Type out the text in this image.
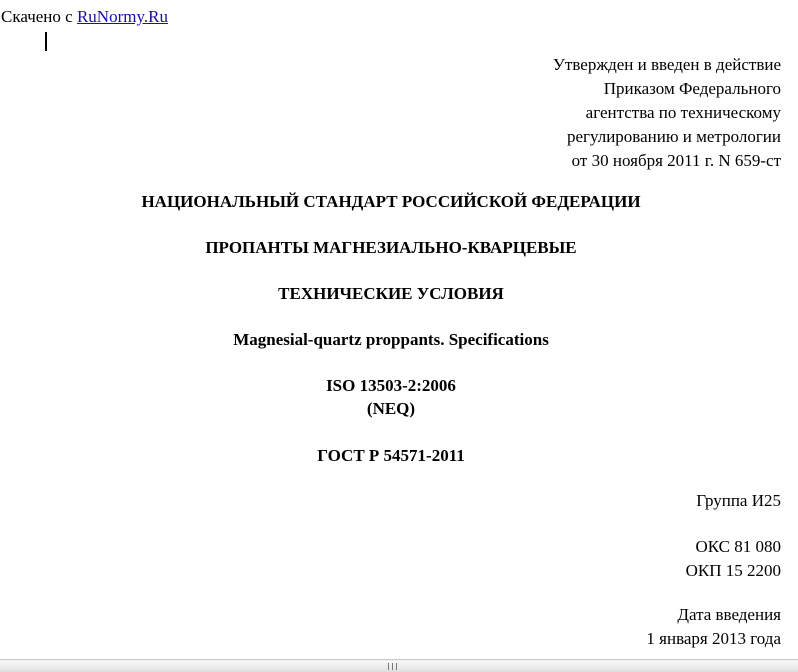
Скачено с RuNormy.Ru
Утвержден и введен в действие
Приказом Федерального
агентства по техническому
регулированию и метрологии
от 30 ноября 2011 г. N 659-ст
НАЦИОНАЛЬНЫЙ СТАНДАРТ РОССИЙСКОЙ ФЕДЕРАЦИИ
ПРОПАНТЫ МАГНЕЗИАЛЬНО-КВАРЦЕВЫЕ
ТЕХНИЧЕСКИЕ УСЛОВИЯ
Magnesial-quartz proppants. Specifications
ISO 13503-2:2006
(NEQ)
ГОСТ Р 54571-2011
Группа И25
ОКС 81 080
ОКП 15 2200
Дата введения
1 января 2013 года
